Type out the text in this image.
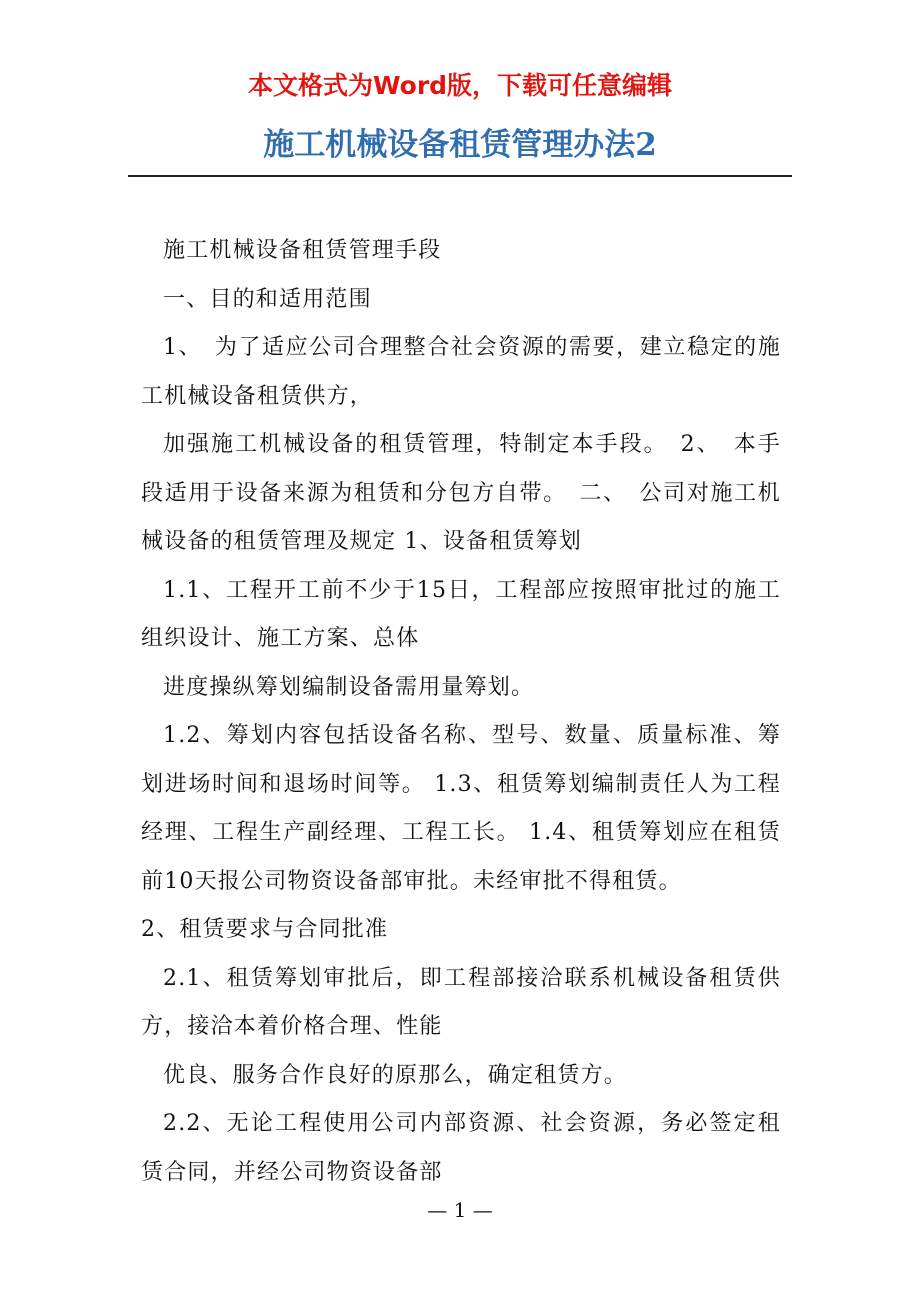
本文格式为Word版，下载可任意编辑
施工机械设备租赁管理办法2

施工机械设备租赁管理手段

一、目的和适用范围

1、　为了适应公司合理整合社会资源的需要，建立稳定的施工机械设备租赁供方，

加强施工机械设备的租赁管理，特制定本手段。　2、　本手段适用于设备来源为租赁和分包方自带。　二、　公司对施工机械设备的租赁管理及规定 1、设备租赁筹划

1.1、工程开工前不少于15日，工程部应按照审批过的施工组织设计、施工方案、总体

进度操纵筹划编制设备需用量筹划。

1.2、筹划内容包括设备名称、型号、数量、质量标准、筹划进场时间和退场时间等。 1.3、租赁筹划编制责任人为工程经理、工程生产副经理、工程工长。 1.4、租赁筹划应在租赁前10天报公司物资设备部审批。未经审批不得租赁。

2、租赁要求与合同批准

2.1、租赁筹划审批后，即工程部接洽联系机械设备租赁供方，接洽本着价格合理、性能

优良、服务合作良好的原那么，确定租赁方。

2.2、无论工程使用公司内部资源、社会资源，务必签定租赁合同，并经公司物资设备部

— 1 —
